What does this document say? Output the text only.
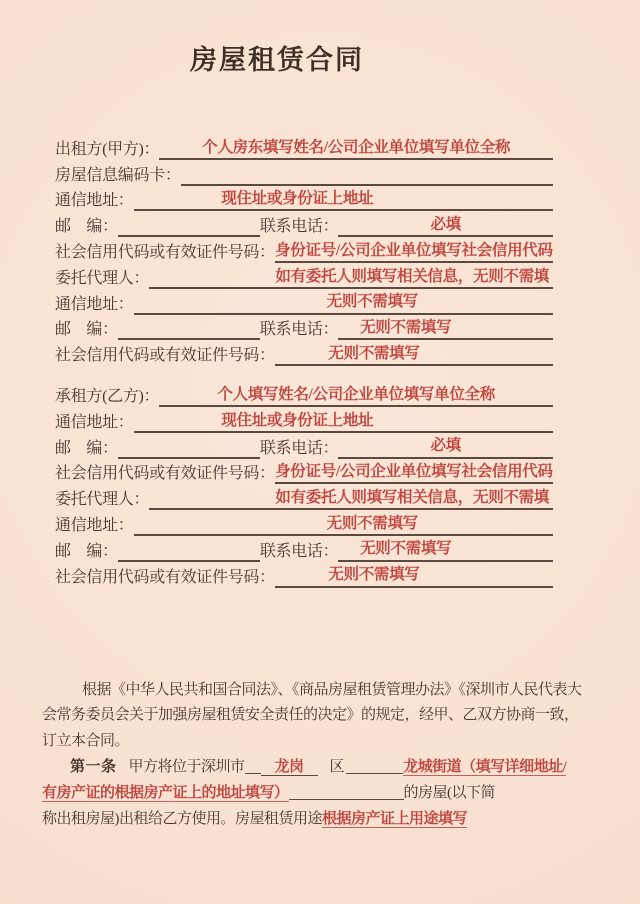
房屋租赁合同
出租方(甲方)：	个人房东填写姓名/公司企业单位填写单位全称
房屋信息编码卡：
通信地址：	现住址或身份证上地址
邮　编：	联系电话：	必填
社会信用代码或有效证件号码： 身份证号/公司企业单位填写社会信用代码
委托代理人：	如有委托人则填写相关信息，无则不需填
通信地址：	无则不需填写
邮　编：	联系电话：	无则不需填写
社会信用代码或有效证件号码：	无则不需填写
承租方(乙方)：	个人填写姓名/公司企业单位填写单位全称
通信地址：	现住址或身份证上地址
邮　编：	联系电话：	必填
社会信用代码或有效证件号码： 身份证号/公司企业单位填写社会信用代码
委托代理人：	如有委托人则填写相关信息，无则不需填
通信地址：	无则不需填写
邮　编：	联系电话：	无则不需填写
社会信用代码或有效证件号码：	无则不需填写
根据《中华人民共和国合同法》、《商品房屋租赁管理办法》《深圳市人民代表大
会常务委员会关于加强房屋租赁安全责任的决定》的规定，经甲、乙双方协商一致，
订立本合同。
第一条 甲方将位于深圳市 龙岗 区	龙城街道（填写详细地址/
有房产证的根据房产证上的地址填写）	的房屋(以下简
称出租房屋)出租给乙方使用。房屋租赁用途根据房产证上用途填写
